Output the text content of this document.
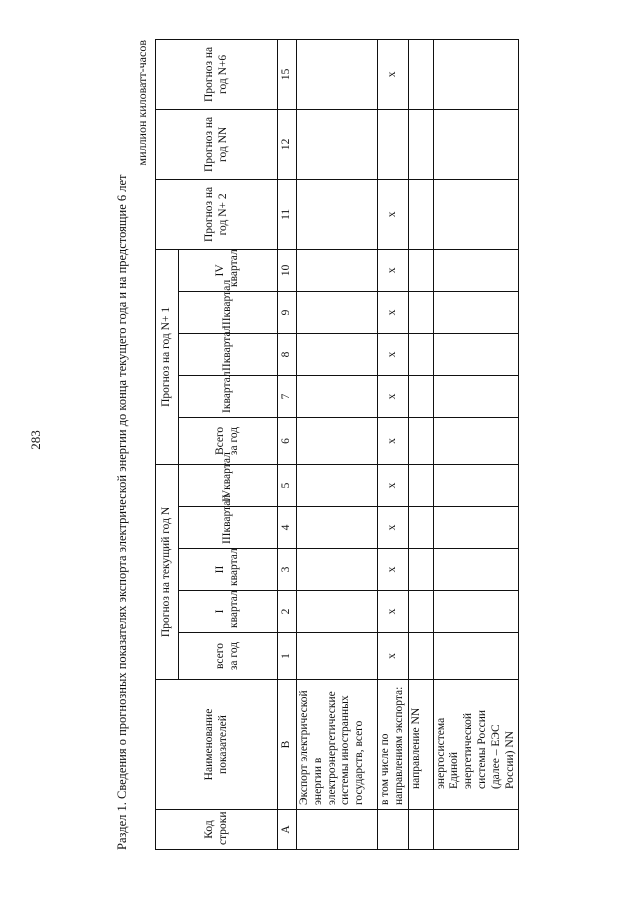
283	Раздел 1. Сведения о прогнозных показателях экспорта электрической энергии до конца текущего года и на предстоящие 6 лет
миллион киловатт-часов
Код строки	Наименование показателей	Прогноз на текущий год N					Прогноз на год N+ 1					Прогноз на год N+ 2	Прогноз на год NN	Прогноз на год N+6
		всего за год	I квартал	II квартал	IIIквартал	IVквартал	Всего за год	Iквартал	IIквартал	IIIквартал	IV квартал			
А	В	1	2	3	4	5	6	7	8	9	10	11	12	15
	Экспорт электрической энергии в электроэнергетические системы иностранных государств, всего													
	в том числе по направлениям экспорта:	х	х	х	х	х	х	х	х	х	х	х		х
	направление NN													
	энергосистема Единой энергетической системы России (далее – ЕЭС России) NN													
